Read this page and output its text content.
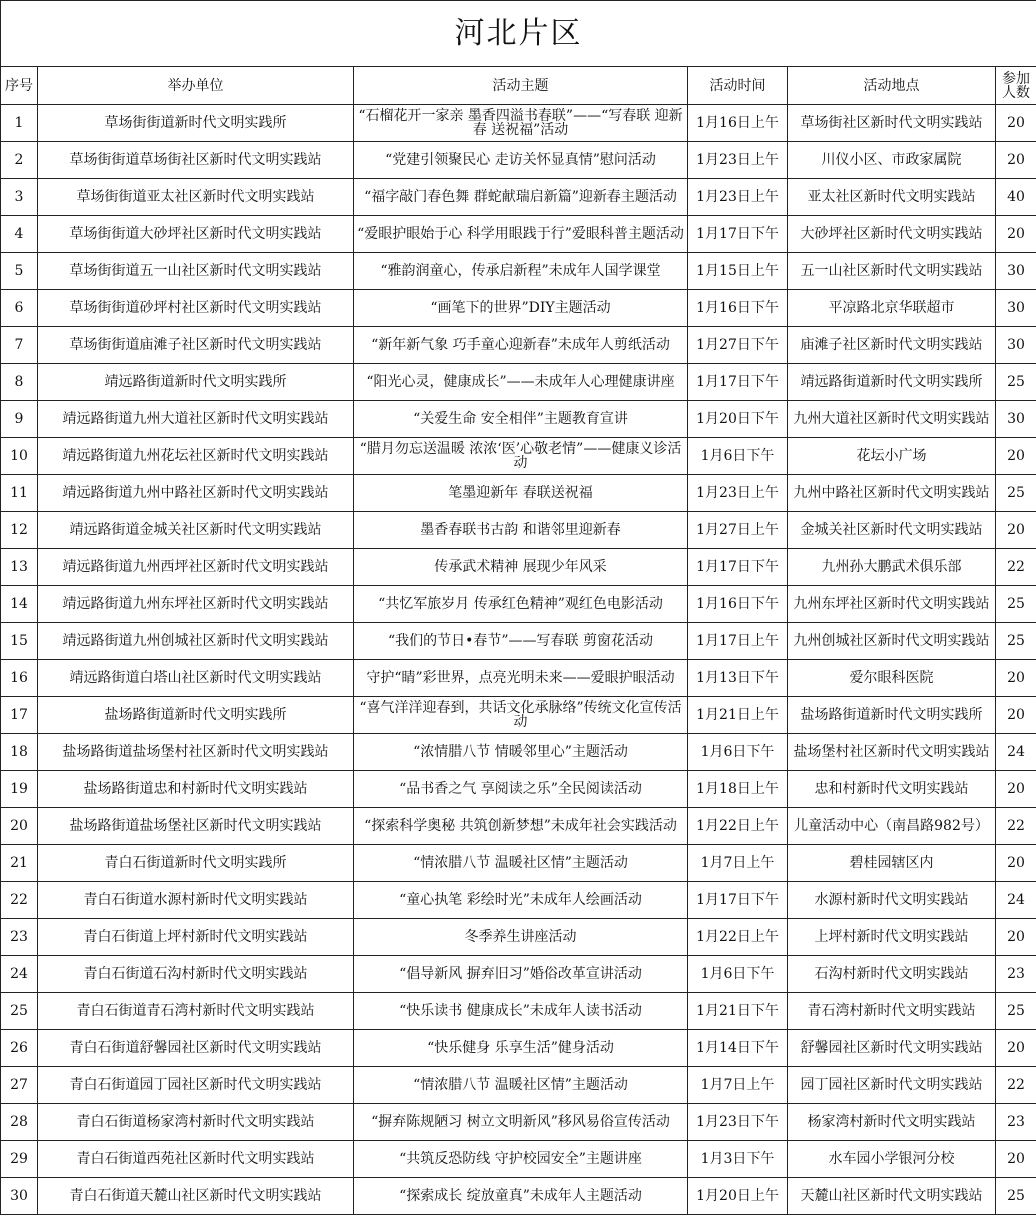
河北片区					
序号	举办单位	活动主题	活动时间	活动地点	参加人数
1	草场街街道新时代文明实践所	“石榴花开一家亲 墨香四溢书春联”——“写春联 迎新春 送祝福”活动	1月16日上午	草场街社区新时代文明实践站	20
2	草场街街道草场街社区新时代文明实践站	“党建引领聚民心 走访关怀显真情”慰问活动	1月23日上午	川仪小区、市政家属院	20
3	草场街街道亚太社区新时代文明实践站	“福字敲门春色舞 群蛇献瑞启新篇”迎新春主题活动	1月23日上午	亚太社区新时代文明实践站	40
4	草场街街道大砂坪社区新时代文明实践站	“爱眼护眼始于心 科学用眼践于行”爱眼科普主题活动	1月17日下午	大砂坪社区新时代文明实践站	20
5	草场街街道五一山社区新时代文明实践站	“雅韵润童心，传承启新程”未成年人国学课堂	1月15日上午	五一山社区新时代文明实践站	30
6	草场街街道砂坪村社区新时代文明实践站	“画笔下的世界”DIY主题活动	1月16日下午	平凉路北京华联超市	30
7	草场街街道庙滩子社区新时代文明实践站	“新年新气象 巧手童心迎新春”未成年人剪纸活动	1月27日下午	庙滩子社区新时代文明实践站	30
8	靖远路街道新时代文明实践所	“阳光心灵，健康成长”——未成年人心理健康讲座	1月17日下午	靖远路街道新时代文明实践所	25
9	靖远路街道九州大道社区新时代文明实践站	“关爱生命 安全相伴”主题教育宣讲	1月20日下午	九州大道社区新时代文明实践站	30
10	靖远路街道九州花坛社区新时代文明实践站	“腊月勿忘送温暖 浓浓‘医’心敬老情”——健康义诊活动	1月6日下午	花坛小广场	20
11	靖远路街道九州中路社区新时代文明实践站	笔墨迎新年 春联送祝福	1月23日上午	九州中路社区新时代文明实践站	25
12	靖远路街道金城关社区新时代文明实践站	墨香春联书古韵 和谐邻里迎新春	1月27日上午	金城关社区新时代文明实践站	20
13	靖远路街道九州西坪社区新时代文明实践站	传承武术精神 展现少年风采	1月17日下午	九州孙大鹏武术俱乐部	22
14	靖远路街道九州东坪社区新时代文明实践站	“共忆军旅岁月 传承红色精神”观红色电影活动	1月16日下午	九州东坪社区新时代文明实践站	25
15	靖远路街道九州创城社区新时代文明实践站	“我们的节日•春节”——写春联 剪窗花活动	1月17日上午	九州创城社区新时代文明实践站	25
16	靖远路街道白塔山社区新时代文明实践站	守护“睛”彩世界，点亮光明未来——爱眼护眼活动	1月13日下午	爱尔眼科医院	20
17	盐场路街道新时代文明实践所	“喜气洋洋迎春到，共话文化承脉络”传统文化宣传活动	1月21日上午	盐场路街道新时代文明实践所	20
18	盐场路街道盐场堡村社区新时代文明实践站	“浓情腊八节 情暖邻里心”主题活动	1月6日下午	盐场堡村社区新时代文明实践站	24
19	盐场路街道忠和村新时代文明实践站	“品书香之气 享阅读之乐”全民阅读活动	1月18日上午	忠和村新时代文明实践站	20
20	盐场路街道盐场堡社区新时代文明实践站	“探索科学奥秘 共筑创新梦想”未成年社会实践活动	1月22日上午	儿童活动中心（南昌路982号）	22
21	青白石街道新时代文明实践所	“情浓腊八节 温暖社区情”主题活动	1月7日上午	碧桂园辖区内	20
22	青白石街道水源村新时代文明实践站	“童心执笔 彩绘时光”未成年人绘画活动	1月17日下午	水源村新时代文明实践站	24
23	青白石街道上坪村新时代文明实践站	冬季养生讲座活动	1月22日上午	上坪村新时代文明实践站	20
24	青白石街道石沟村新时代文明实践站	“倡导新风 摒弃旧习”婚俗改革宣讲活动	1月6日下午	石沟村新时代文明实践站	23
25	青白石街道青石湾村新时代文明实践站	“快乐读书 健康成长”未成年人读书活动	1月21日下午	青石湾村新时代文明实践站	25
26	青白石街道舒馨园社区新时代文明实践站	“快乐健身 乐享生活”健身活动	1月14日下午	舒馨园社区新时代文明实践站	20
27	青白石街道园丁园社区新时代文明实践站	“情浓腊八节 温暖社区情”主题活动	1月7日上午	园丁园社区新时代文明实践站	22
28	青白石街道杨家湾村新时代文明实践站	“摒弃陈规陋习 树立文明新风”移风易俗宣传活动	1月23日下午	杨家湾村新时代文明实践站	23
29	青白石街道西苑社区新时代文明实践站	“共筑反恐防线 守护校园安全”主题讲座	1月3日下午	水车园小学银河分校	20
30	青白石街道天麓山社区新时代文明实践站	“探索成长 绽放童真”未成年人主题活动	1月20日上午	天麓山社区新时代文明实践站	25
